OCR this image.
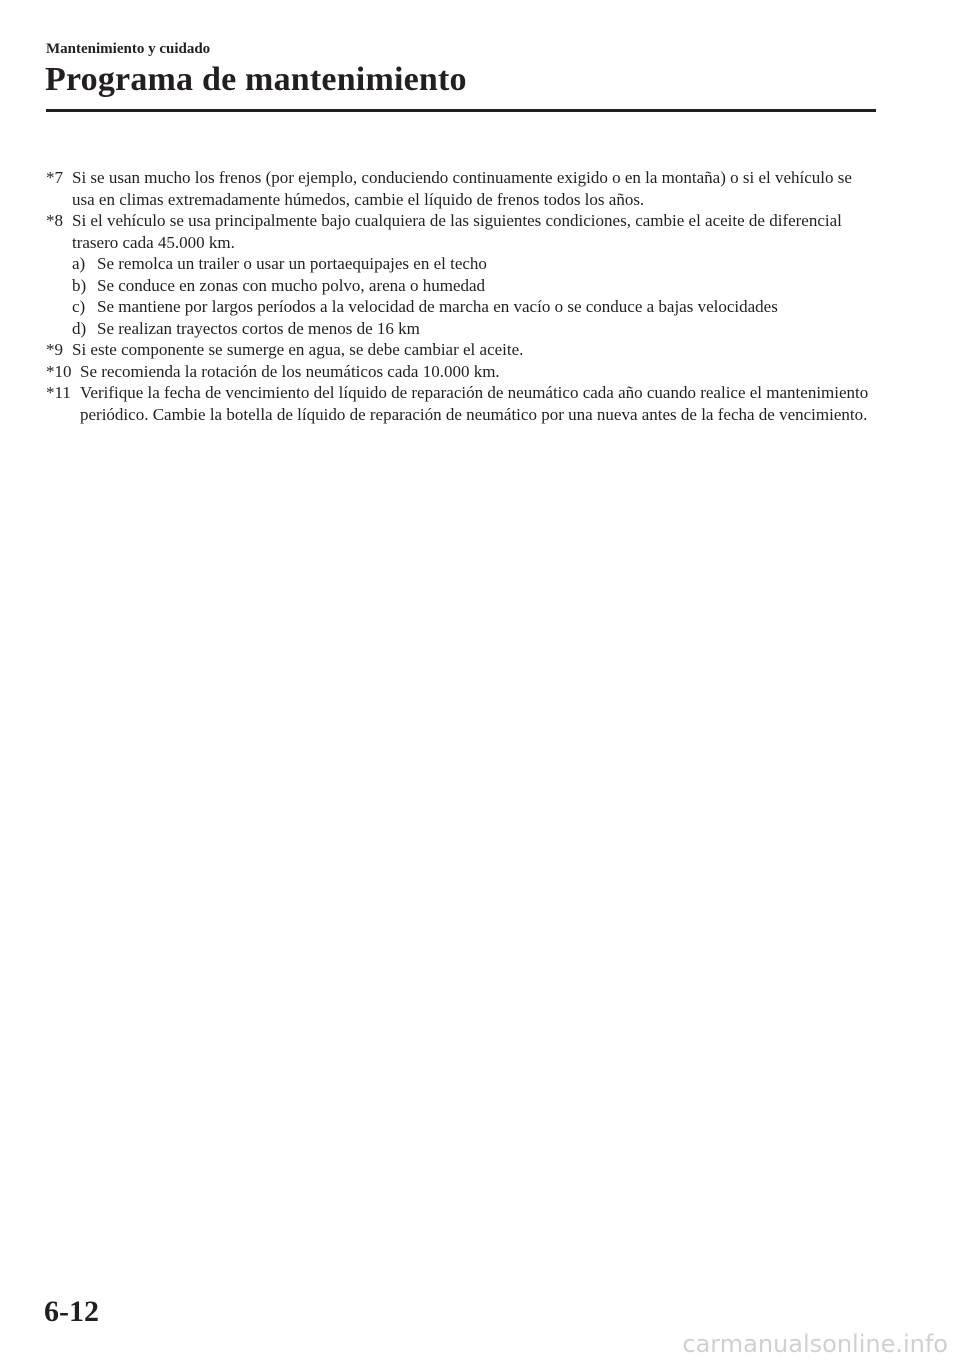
Mantenimiento y cuidado
Programa de mantenimiento
*7 Si se usan mucho los frenos (por ejemplo, conduciendo continuamente exigido o en la montaña) o si el vehículo se usa en climas extremadamente húmedos, cambie el líquido de frenos todos los años.
*8 Si el vehículo se usa principalmente bajo cualquiera de las siguientes condiciones, cambie el aceite de diferencial trasero cada 45.000 km.
a) Se remolca un trailer o usar un portaequipajes en el techo
b) Se conduce en zonas con mucho polvo, arena o humedad
c) Se mantiene por largos períodos a la velocidad de marcha en vacío o se conduce a bajas velocidades
d) Se realizan trayectos cortos de menos de 16 km
*9 Si este componente se sumerge en agua, se debe cambiar el aceite.
*10 Se recomienda la rotación de los neumáticos cada 10.000 km.
*11 Verifique la fecha de vencimiento del líquido de reparación de neumático cada año cuando realice el mantenimiento periódico. Cambie la botella de líquido de reparación de neumático por una nueva antes de la fecha de vencimiento.
6-12
carmanualsonline.info
